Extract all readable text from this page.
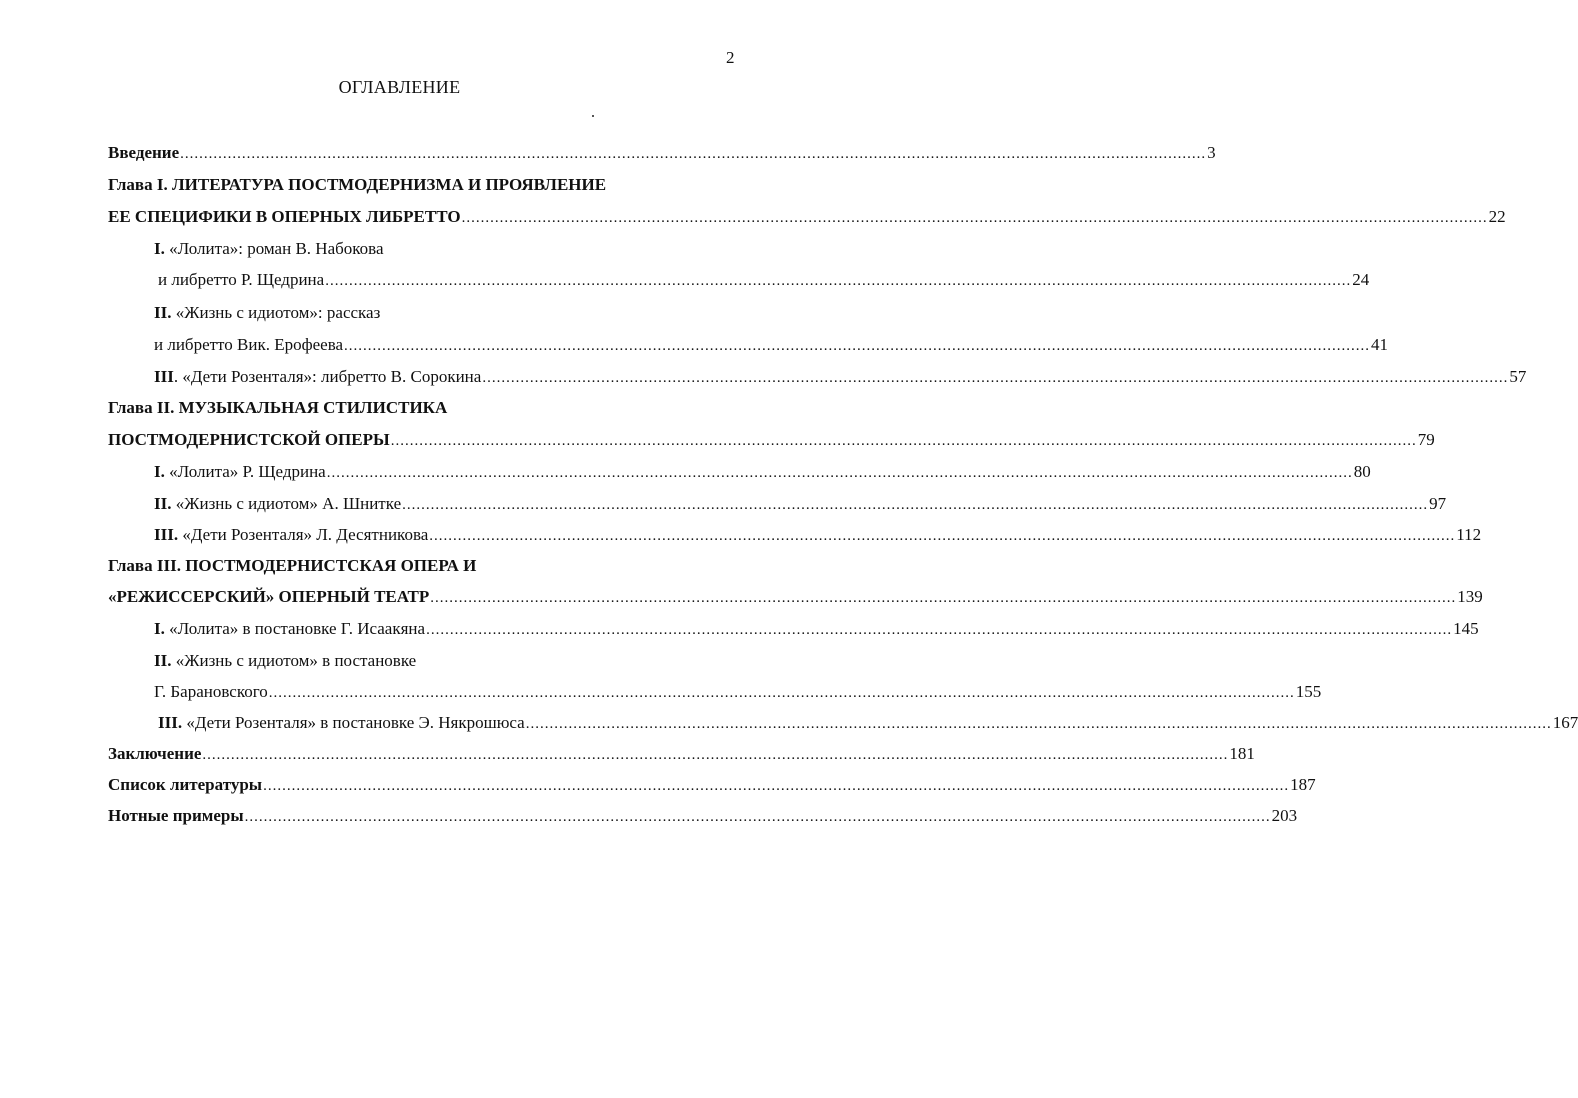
2
ОГЛАВЛЕНИЕ
Введение ........................................................................................................................................................................................................................ 3
Глава I. ЛИТЕРАТУРА ПОСТМОДЕРНИЗМА И ПРОЯВЛЕНИЕ
ЕЕ СПЕЦИФИКИ В ОПЕРНЫХ ЛИБРЕТТО ........................................................................................................................................................................................................................ 22
I. «Лолита»: роман В. Набокова
и либретто Р. Щедрина ........................................................................................................................................................................................................................ 24
II. «Жизнь с идиотом»: рассказ
и либретто Вик. Ерофеева ........................................................................................................................................................................................................................ 41
III. «Дети Розенталя»: либретто В. Сорокина ........................................................................................................................................................................................................................ 57
Глава II. МУЗЫКАЛЬНАЯ СТИЛИСТИКА
ПОСТМОДЕРНИСТСКОЙ ОПЕРЫ ........................................................................................................................................................................................................................ 79
I. «Лолита» Р. Щедрина ........................................................................................................................................................................................................................ 80
II. «Жизнь с идиотом» А. Шнитке ........................................................................................................................................................................................................................ 97
III. «Дети Розенталя» Л. Десятникова ........................................................................................................................................................................................................................ 112
Глава III. ПОСТМОДЕРНИСТСКАЯ ОПЕРА И
«РЕЖИССЕРСКИЙ» ОПЕРНЫЙ ТЕАТР ........................................................................................................................................................................................................................ 139
I. «Лолита» в постановке Г. Исаакяна ........................................................................................................................................................................................................................ 145
II. «Жизнь с идиотом» в постановке
Г. Барановского ........................................................................................................................................................................................................................ 155
III. «Дети Розенталя» в постановке Э. Някрошюса ........................................................................................................................................................................................................................ 167
Заключение ........................................................................................................................................................................................................................ 181
Список литературы ........................................................................................................................................................................................................................ 187
Нотные примеры ........................................................................................................................................................................................................................ 203
